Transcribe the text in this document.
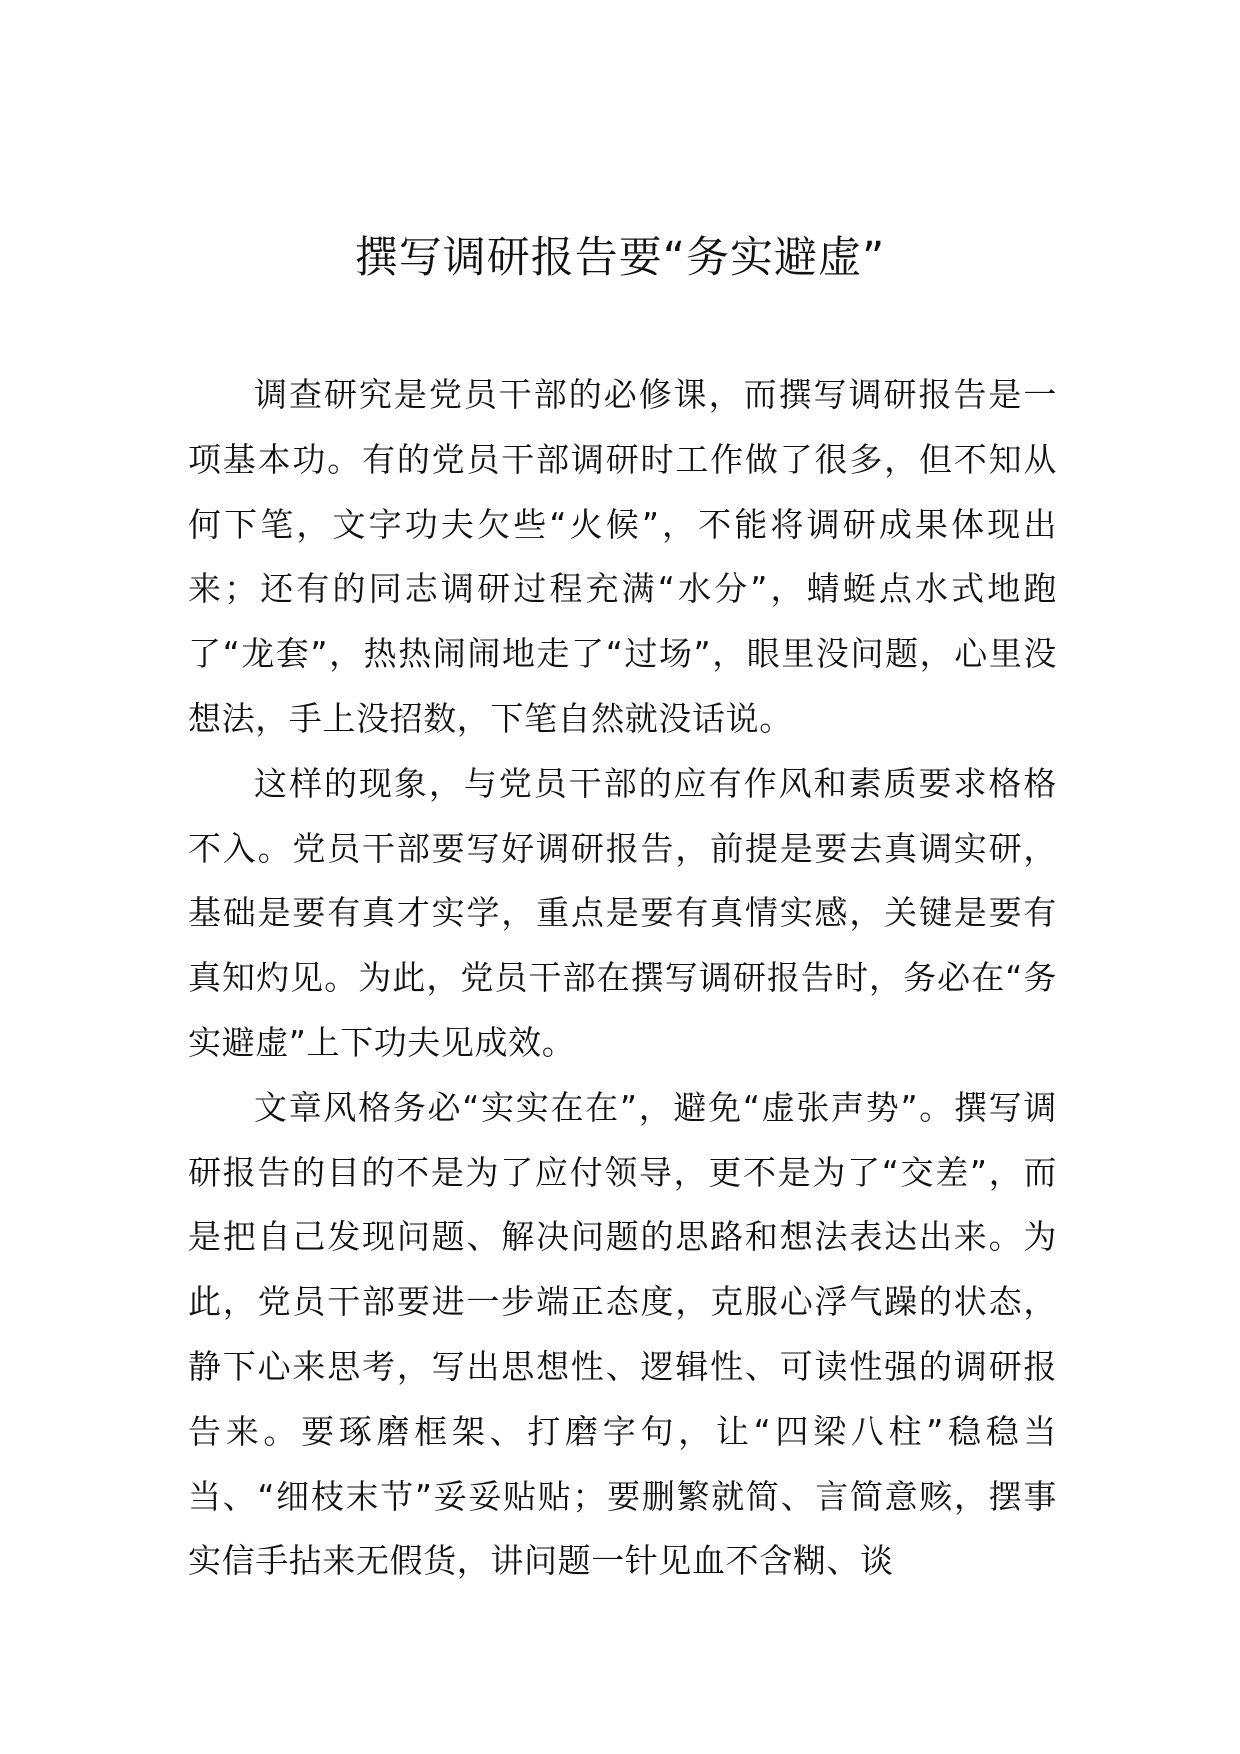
撰写调研报告要“务实避虚”

调查研究是党员干部的必修课，而撰写调研报告是一项基本功。有的党员干部调研时工作做了很多，但不知从何下笔，文字功夫欠些“火候”，不能将调研成果体现出来；还有的同志调研过程充满“水分”，蜻蜓点水式地跑了“龙套”，热热闹闹地走了“过场”，眼里没问题，心里没想法，手上没招数，下笔自然就没话说。

这样的现象，与党员干部的应有作风和素质要求格格不入。党员干部要写好调研报告，前提是要去真调实研，基础是要有真才实学，重点是要有真情实感，关键是要有真知灼见。为此，党员干部在撰写调研报告时，务必在“务实避虚”上下功夫见成效。

文章风格务必“实实在在”，避免“虚张声势”。撰写调研报告的目的不是为了应付领导，更不是为了“交差”，而是把自己发现问题、解决问题的思路和想法表达出来。为此，党员干部要进一步端正态度，克服心浮气躁的状态，静下心来思考，写出思想性、逻辑性、可读性强的调研报告来。要琢磨框架、打磨字句，让“四梁八柱”稳稳当当、“细枝末节”妥妥贴贴；要删繁就简、言简意赅，摆事实信手拈来无假货，讲问题一针见血不含糊、谈
